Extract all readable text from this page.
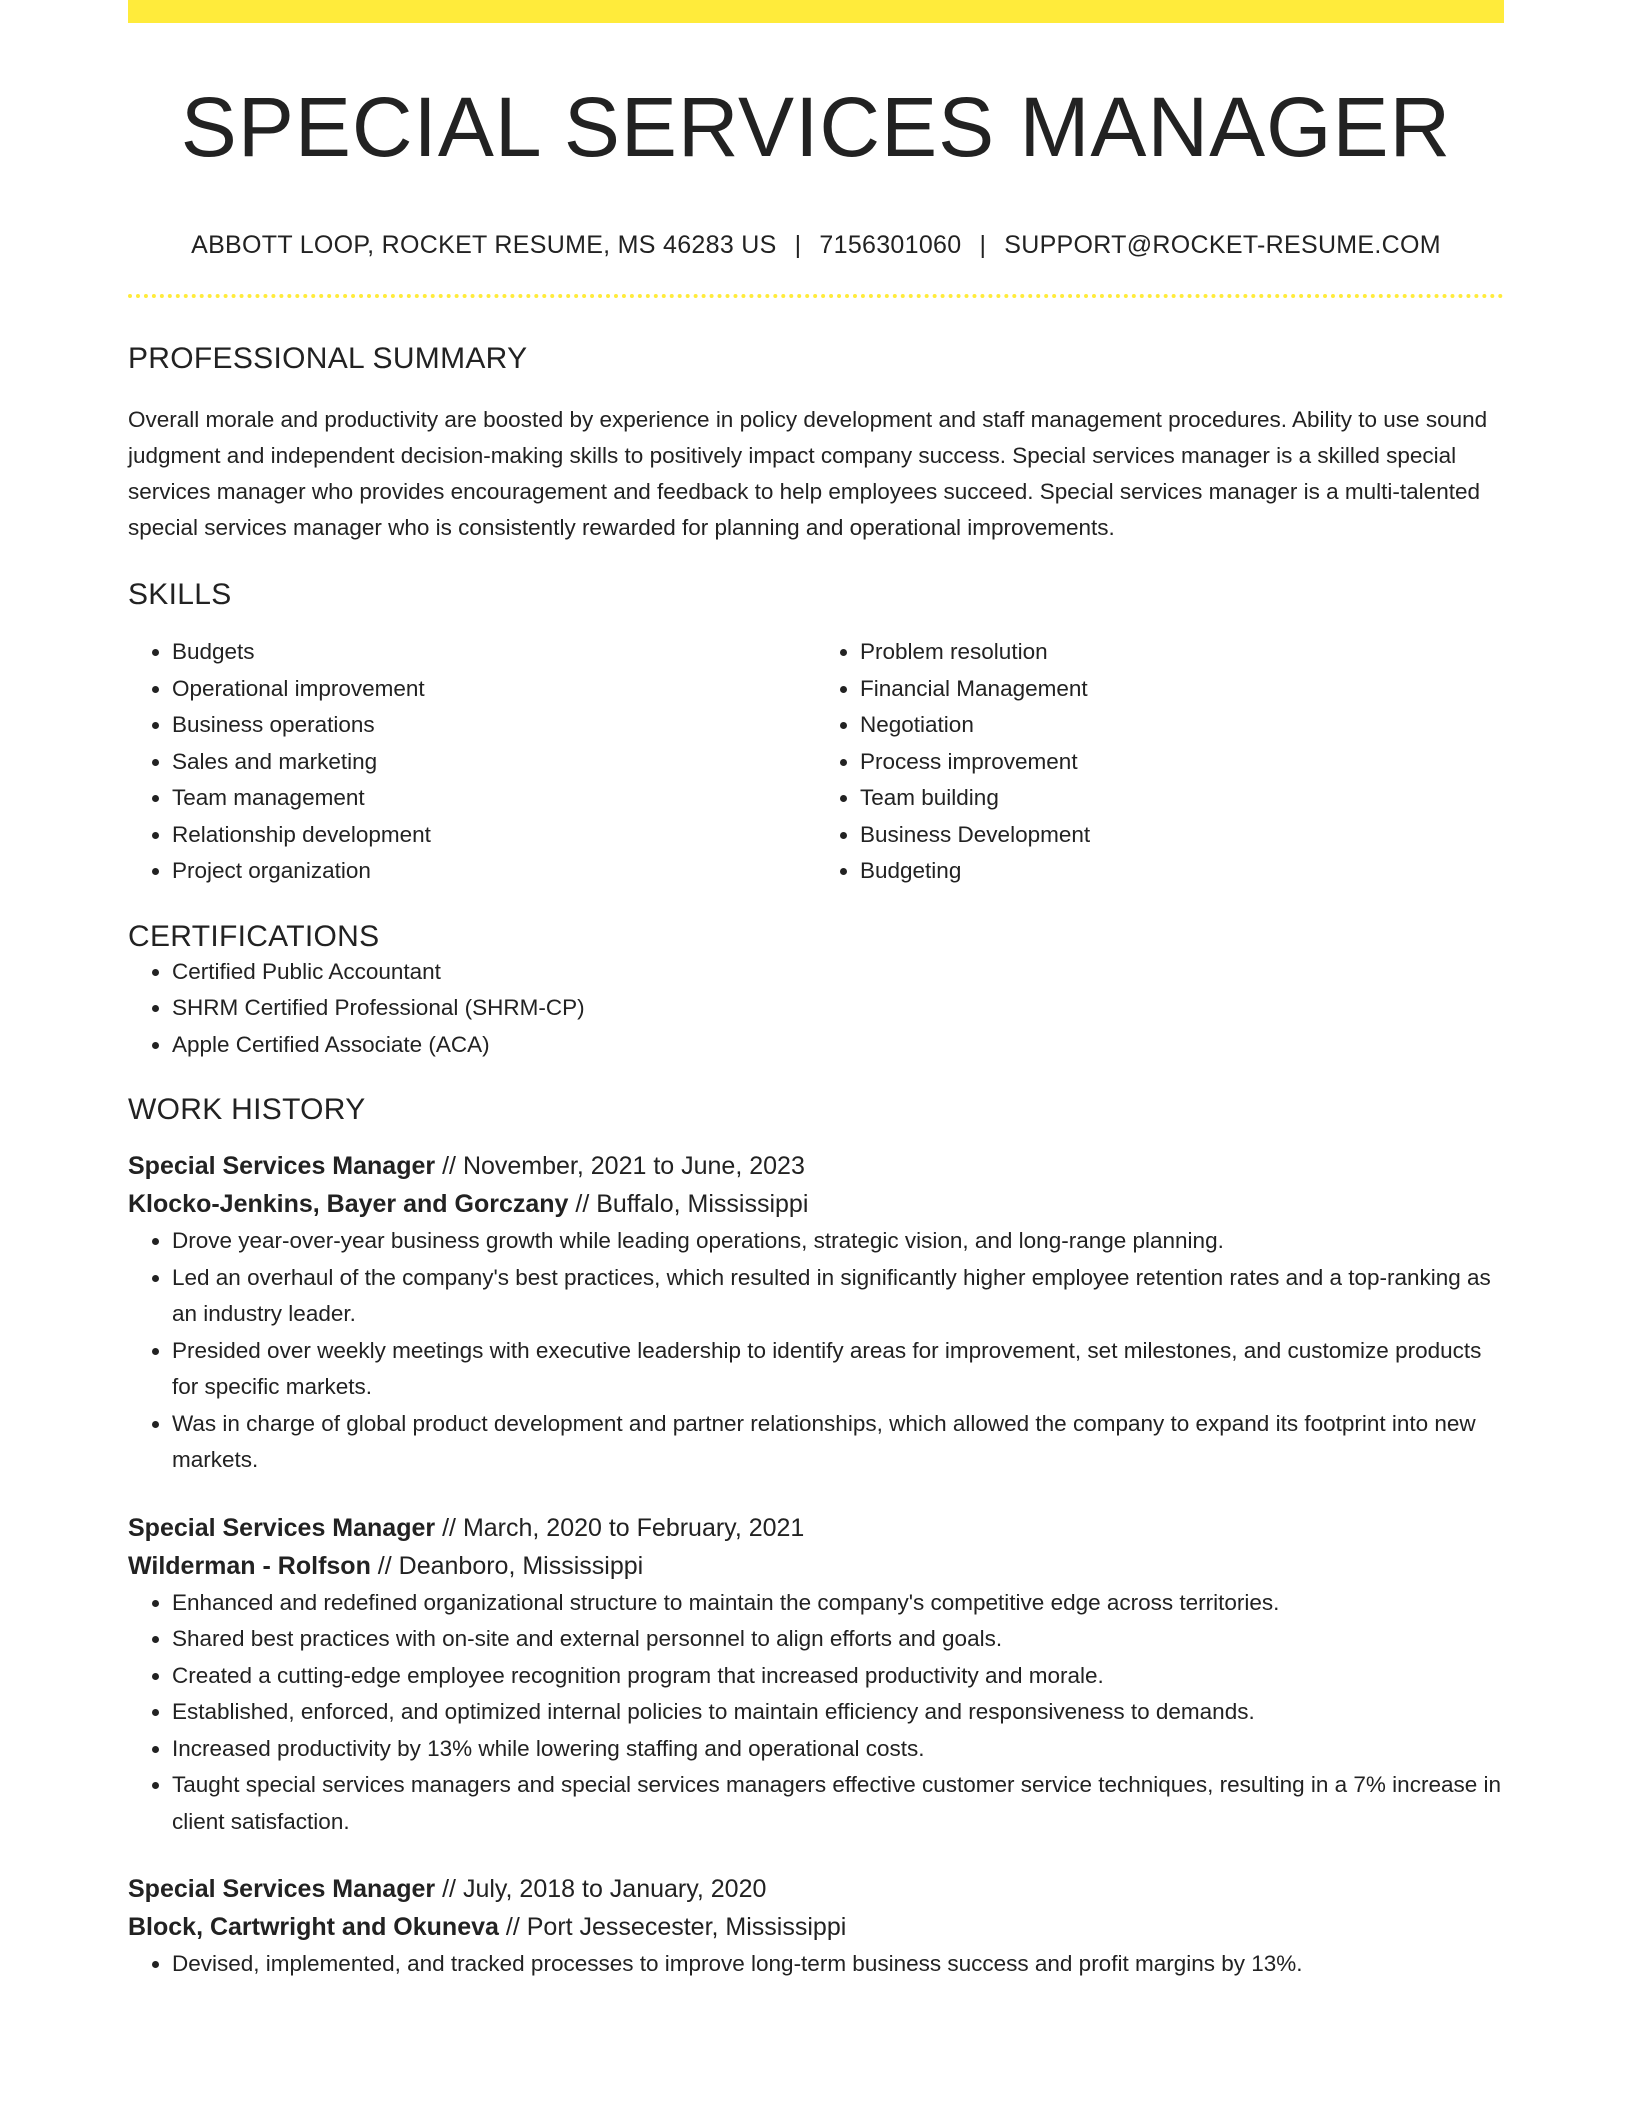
SPECIAL SERVICES MANAGER
ABBOTT LOOP, ROCKET RESUME, MS 46283 US | 7156301060 | SUPPORT@ROCKET-RESUME.COM
PROFESSIONAL SUMMARY

Overall morale and productivity are boosted by experience in policy development and staff management procedures. Ability to use sound judgment and independent decision-making skills to positively impact company success. Special services manager is a skilled special services manager who provides encouragement and feedback to help employees succeed. Special services manager is a multi-talented special services manager who is consistently rewarded for planning and operational improvements.

SKILLS
• Budgets
• Operational improvement
• Business operations
• Sales and marketing
• Team management
• Relationship development
• Project organization
• Problem resolution
• Financial Management
• Negotiation
• Process improvement
• Team building
• Business Development
• Budgeting
CERTIFICATIONS
• Certified Public Accountant
• SHRM Certified Professional (SHRM-CP)
• Apple Certified Associate (ACA)
WORK HISTORY
Special Services Manager // November, 2021 to June, 2023
Klocko-Jenkins, Bayer and Gorczany // Buffalo, Mississippi
• Drove year-over-year business growth while leading operations, strategic vision, and long-range planning.
• Led an overhaul of the company's best practices, which resulted in significantly higher employee retention rates and a top-ranking as an industry leader.
• Presided over weekly meetings with executive leadership to identify areas for improvement, set milestones, and customize products for specific markets.
• Was in charge of global product development and partner relationships, which allowed the company to expand its footprint into new markets.
Special Services Manager // March, 2020 to February, 2021
Wilderman - Rolfson // Deanboro, Mississippi
• Enhanced and redefined organizational structure to maintain the company's competitive edge across territories.
• Shared best practices with on-site and external personnel to align efforts and goals.
• Created a cutting-edge employee recognition program that increased productivity and morale.
• Established, enforced, and optimized internal policies to maintain efficiency and responsiveness to demands.
• Increased productivity by 13% while lowering staffing and operational costs.
• Taught special services managers and special services managers effective customer service techniques, resulting in a 7% increase in client satisfaction.
Special Services Manager // July, 2018 to January, 2020
Block, Cartwright and Okuneva // Port Jessecester, Mississippi
• Devised, implemented, and tracked processes to improve long-term business success and profit margins by 13%.
